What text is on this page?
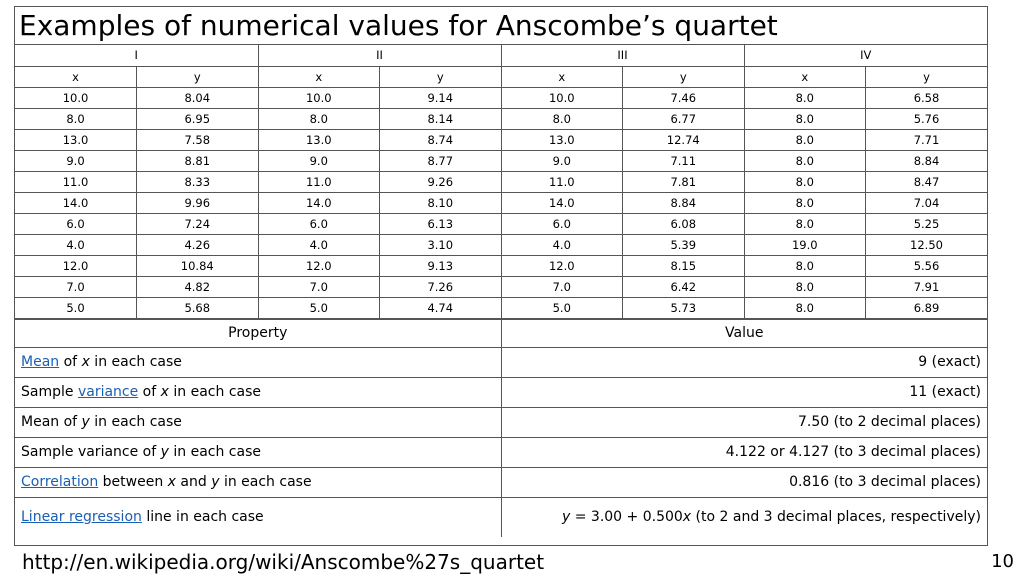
Examples of numerical values for Anscombe’s quartet
I		II		III		IV	
x	y	x	y	x	y	x	y
10.0	8.04	10.0	9.14	10.0	7.46	8.0	6.58
8.0	6.95	8.0	8.14	8.0	6.77	8.0	5.76
13.0	7.58	13.0	8.74	13.0	12.74	8.0	7.71
9.0	8.81	9.0	8.77	9.0	7.11	8.0	8.84
11.0	8.33	11.0	9.26	11.0	7.81	8.0	8.47
14.0	9.96	14.0	8.10	14.0	8.84	8.0	7.04
6.0	7.24	6.0	6.13	6.0	6.08	8.0	5.25
4.0	4.26	4.0	3.10	4.0	5.39	19.0	12.50
12.0	10.84	12.0	9.13	12.0	8.15	8.0	5.56
7.0	4.82	7.0	7.26	7.0	6.42	8.0	7.91
5.0	5.68	5.0	4.74	5.0	5.73	8.0	6.89
Property	Value
Mean of x in each case	9 (exact)
Sample variance of x in each case	11 (exact)
Mean of y in each case	7.50 (to 2 decimal places)
Sample variance of y in each case	4.122 or 4.127 (to 3 decimal places)
Correlation between x and y in each case	0.816 (to 3 decimal places)
Linear regression line in each case	y = 3.00 + 0.500x (to 2 and 3 decimal places, respectively)
http://en.wikipedia.org/wiki/Anscombe%27s_quartet	10
